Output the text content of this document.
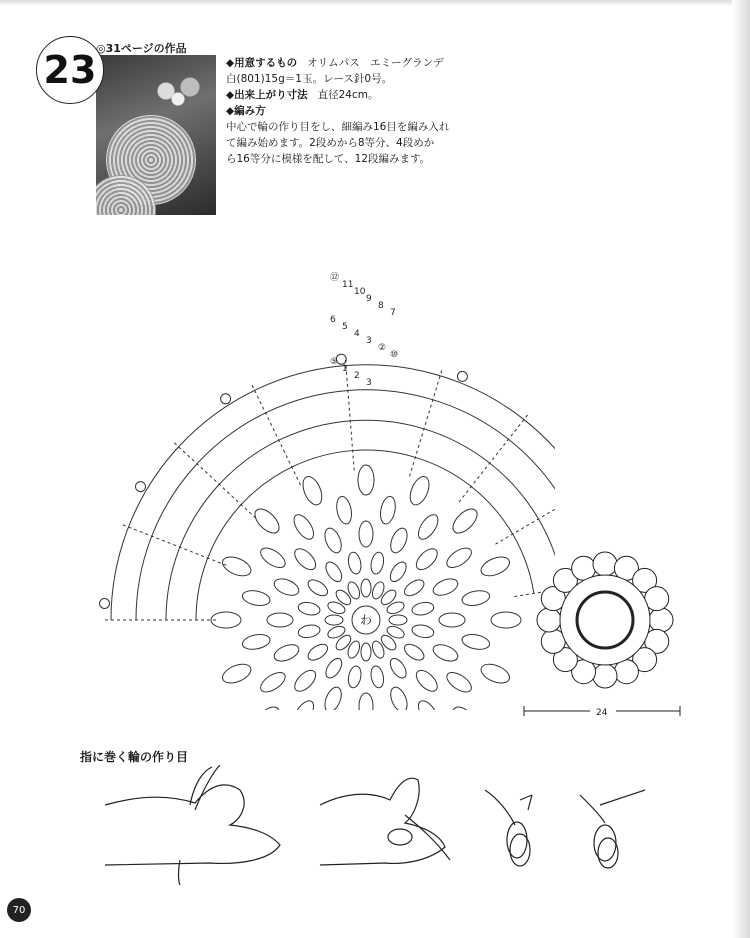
23 ◎31ページの作品
◆用意するもの オリムパス　エミーグランデ
白(801)15g＝1玉。レース針0号。
◆出来上がり寸法 直径24cm。
◆編み方
中心で輪の作り目をし、細編み16目を編み入れ
て編み始めます。2段めから8等分、4段めか
ら16等分に模様を配して、12段編みます。
わ
⑫
11
10
9
8
7
6
5
4
3
②
⑩
⑤
1
2
3
24
指に巻く輪の作り目
70
